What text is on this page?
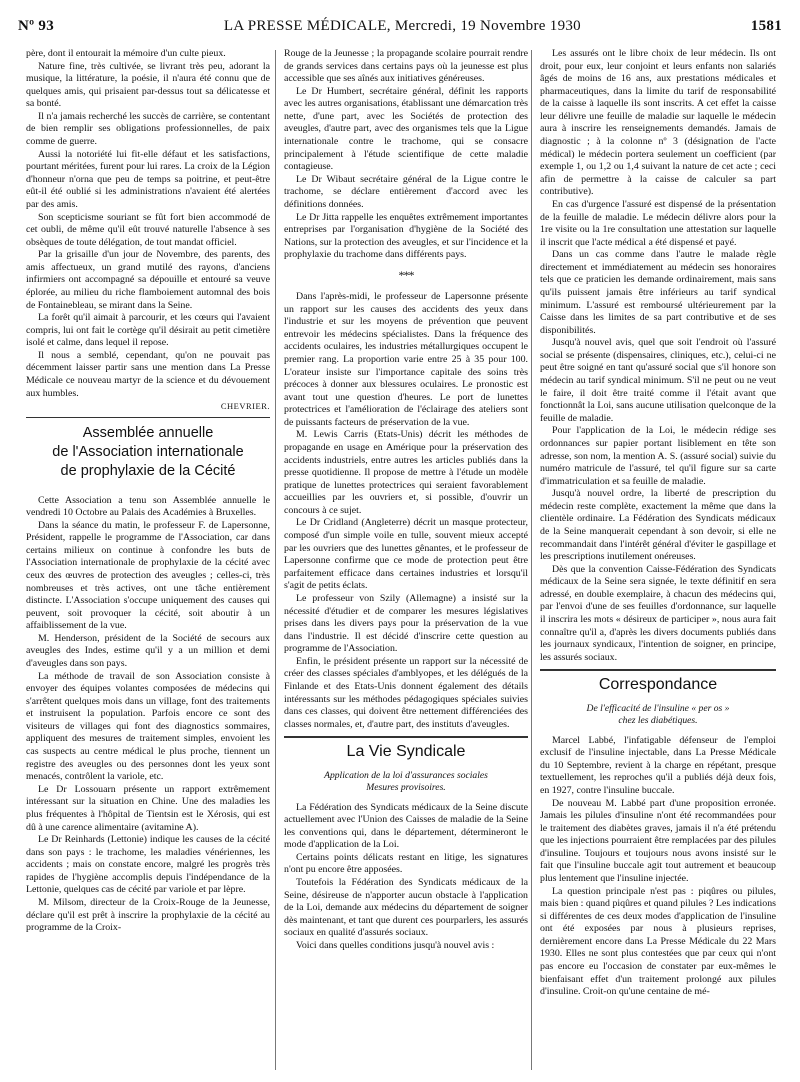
Nº 93	LA PRESSE MÉDICALE, Mercredi, 19 Novembre 1930	1581

père, dont il entourait la mémoire d'un culte pieux.

Nature fine, très cultivée, se livrant très peu, adorant la musique, la littérature, la poésie, il n'aura été connu que de quelques amis, qui prisaient par-dessus tout sa délicatesse et sa bonté.

Il n'a jamais recherché les succès de carrière, se contentant de bien remplir ses obligations professionnelles, de paix comme de guerre.

Aussi la notoriété lui fit-elle défaut et les satisfactions, pourtant méritées, furent pour lui rares. La croix de la Légion d'honneur n'orna que peu de temps sa poitrine, et peut-être eût-il été oublié si les administrations n'avaient été alertées par des amis.

Son scepticisme souriant se fût fort bien accommodé de cet oubli, de même qu'il eût trouvé naturelle l'absence à ses obsèques de toute délégation, de tout mandat officiel.

Par la grisaille d'un jour de Novembre, des parents, des amis affectueux, un grand mutilé des rayons, d'anciens infirmiers ont accompagné sa dépouille et entouré sa veuve éplorée, au milieu du riche flamboiement automnal des bois de Fontainebleau, se mirant dans la Seine.

La forêt qu'il aimait à parcourir, et les cœurs qui l'avaient compris, lui ont fait le cortège qu'il désirait au petit cimetière isolé et calme, dans lequel il repose.

Il nous a semblé, cependant, qu'on ne pouvait pas décemment laisser partir sans une mention dans La Presse Médicale ce nouveau martyr de la science et du dévouement aux humbles.

CHEVRIER.

Assemblée annuelle
de l'Association internationale
de prophylaxie de la Cécité

Cette Association a tenu son Assemblée annuelle le vendredi 10 Octobre au Palais des Académies à Bruxelles.

Dans la séance du matin, le professeur F. de Lapersonne, Président, rappelle le programme de l'Association, car dans certains milieux on continue à confondre les buts de l'Association internationale de prophylaxie de la cécité avec ceux des œuvres de protection des aveugles ; celles-ci, très nombreuses et très actives, ont une tâche entièrement distincte. L'Association s'occupe uniquement des causes qui peuvent, soit provoquer la cécité, soit aboutir à un affaiblissement de la vue.

M. Henderson, président de la Société de secours aux aveugles des Indes, estime qu'il y a un million et demi d'aveugles dans son pays.

La méthode de travail de son Association consiste à envoyer des équipes volantes composées de médecins qui s'arrêtent quelques mois dans un village, font des traitements et instruisent la population. Parfois encore ce sont des visiteurs de villages qui font des diagnostics sommaires, appliquent des mesures de traitement simples, envoient les cas suspects au centre médical le plus proche, tiennent un registre des aveugles ou des personnes dont les yeux sont menacés, contrôlent la variole, etc.

Le Dr Lossouarn présente un rapport extrêmement intéressant sur la situation en Chine. Une des maladies les plus fréquentes à l'hôpital de Tientsin est le Xérosis, qui est dû à une carence alimentaire (avitamine A).

Le Dr Reinhards (Lettonie) indique les causes de la cécité dans son pays : le trachome, les maladies vénériennes, les accidents ; mais on constate encore, malgré les progrès très rapides de l'hygiène accomplis depuis l'indépendance de la Lettonie, quelques cas de cécité par variole et par lèpre.

M. Milsom, directeur de la Croix-Rouge de la Jeunesse, déclare qu'il est prêt à inscrire la prophylaxie de la cécité au programme de la Croix-

Rouge de la Jeunesse ; la propagande scolaire pourrait rendre de grands services dans certains pays où la jeunesse est plus accessible que ses aînés aux initiatives généreuses.

Le Dr Humbert, secrétaire général, définit les rapports avec les autres organisations, établissant une démarcation très nette, d'une part, avec les Sociétés de protection des aveugles, d'autre part, avec des organismes tels que la Ligue internationale contre le trachome, qui se consacre principalement à l'étude scientifique de cette maladie contagieuse.

Le Dr Wibaut secrétaire général de la Ligue contre le trachome, se déclare entièrement d'accord avec les définitions données.

Le Dr Jitta rappelle les enquêtes extrêmement importantes entreprises par l'organisation d'hygiène de la Société des Nations, sur la protection des aveugles, et sur l'incidence et la prophylaxie du trachome dans différents pays.

***

Dans l'après-midi, le professeur de Lapersonne présente un rapport sur les causes des accidents des yeux dans l'industrie et sur les moyens de prévention que peuvent entrevoir les médecins spécialistes. Dans la fréquence des accidents oculaires, les industries métallurgiques occupent le premier rang. La proportion varie entre 25 à 35 pour 100. L'orateur insiste sur l'importance capitale des soins très précoces à donner aux blessures oculaires. Le pronostic est avant tout une question d'heures. Le port de lunettes protectrices et l'amélioration de l'éclairage des ateliers sont de puissants facteurs de préservation de la vue.

M. Lewis Carris (Etats-Unis) décrit les méthodes de propagande en usage en Amérique pour la préservation des accidents industriels, entre autres les articles publiés dans la presse quotidienne. Il propose de mettre à l'étude un modèle pratique de lunettes protectrices qui seraient favorablement accueillies par les ouvriers et, si possible, d'ouvrir un concours à ce sujet.

Le Dr Cridland (Angleterre) décrit un masque protecteur, composé d'un simple voile en tulle, souvent mieux accepté par les ouvriers que des lunettes gênantes, et le professeur de Lapersonne confirme que ce mode de protection peut être parfaitement efficace dans certaines industries et lorsqu'il s'agit de petits éclats.

Le professeur von Szily (Allemagne) a insisté sur la nécessité d'étudier et de comparer les mesures législatives prises dans les divers pays pour la préservation de la vue dans l'industrie. Il est décidé d'inscrire cette question au programme de l'Association.

Enfin, le président présente un rapport sur la nécessité de créer des classes spéciales d'amblyopes, et les délégués de la Finlande et des Etats-Unis donnent également des détails intéressants sur les méthodes pédagogiques spéciales suivies dans ces classes, qui doivent être nettement différenciées des classes normales, et, d'autre part, des instituts d'aveugles.

La Vie Syndicale
Application de la loi d'assurances sociales
Mesures provisoires.

La Fédération des Syndicats médicaux de la Seine discute actuellement avec l'Union des Caisses de maladie de la Seine les conventions qui, dans le département, détermineront le mode d'application de la Loi.

Certains points délicats restant en litige, les signatures n'ont pu encore être apposées.

Toutefois la Fédération des Syndicats médicaux de la Seine, désireuse de n'apporter aucun obstacle à l'application de la Loi, demande aux médecins du département de soigner dès maintenant, et tant que durent ces pourparlers, les assurés sociaux en qualité d'assurés sociaux.

Voici dans quelles conditions jusqu'à nouvel avis :

Les assurés ont le libre choix de leur médecin. Ils ont droit, pour eux, leur conjoint et leurs enfants non salariés âgés de moins de 16 ans, aux prestations médicales et pharmaceutiques, dans la limite du tarif de responsabilité de la caisse à laquelle ils sont inscrits. A cet effet la caisse leur délivre une feuille de maladie sur laquelle le médecin aura à inscrire les renseignements demandés. Jamais de diagnostic ; à la colonne nº 3 (désignation de l'acte médical) le médecin portera seulement un coefficient (par exemple 1, ou 1,2 ou 1,4 suivant la nature de cet acte ; ceci afin de permettre à la caisse de calculer sa part contributive).

En cas d'urgence l'assuré est dispensé de la présentation de la feuille de maladie. Le médecin délivre alors pour la 1re visite ou la 1re consultation une attestation sur laquelle il inscrit que l'acte médical a été dispensé et payé.

Dans un cas comme dans l'autre le malade règle directement et immédiatement au médecin ses honoraires tels que ce praticien les demande ordinairement, mais sans qu'ils puissent jamais être inférieurs au tarif syndical minimum. L'assuré est remboursé ultérieurement par la Caisse dans les limites de sa part contributive et de ses disponibilités.

Jusqu'à nouvel avis, quel que soit l'endroit où l'assuré social se présente (dispensaires, cliniques, etc.), celui-ci ne peut être soigné en tant qu'assuré social que s'il honore son médecin au tarif syndical minimum. S'il ne peut ou ne veut le faire, il doit être traité comme il l'était avant que fonctionnât la Loi, sans aucune utilisation quelconque de la feuille de maladie.

Pour l'application de la Loi, le médecin rédige ses ordonnances sur papier portant lisiblement en tête son adresse, son nom, la mention A. S. (assuré social) suivie du numéro matricule de l'assuré, tel qu'il figure sur sa carte d'immatriculation et sa feuille de maladie.

Jusqu'à nouvel ordre, la liberté de prescription du médecin reste complète, exactement la même que dans la clientèle ordinaire. La Fédération des Syndicats médicaux de la Seine manquerait cependant à son devoir, si elle ne recommandait dans l'intérêt général d'éviter le gaspillage et les prescriptions inutilement onéreuses.

Dès que la convention Caisse-Fédération des Syndicats médicaux de la Seine sera signée, le texte définitif en sera adressé, en double exemplaire, à chacun des médecins qui, par l'envoi d'une de ses feuilles d'ordonnance, sur laquelle il inscrira les mots « désireux de participer », nous aura fait connaître qu'il a, d'après les divers documents publiés dans les journaux syndicaux, l'intention de soigner, en principe, les assurés sociaux.

Correspondance
De l'efficacité de l'insuline « per os »
chez les diabétiques.

Marcel Labbé, l'infatigable défenseur de l'emploi exclusif de l'insuline injectable, dans La Presse Médicale du 10 Septembre, revient à la charge en répétant, presque textuellement, les reproches qu'il a publiés déjà deux fois, en 1927, contre l'insuline buccale.

De nouveau M. Labbé part d'une proposition erronée. Jamais les pilules d'insuline n'ont été recommandées pour le traitement des diabètes graves, jamais il n'a été prétendu que les injections pourraient être remplacées par des pilules d'insuline. Toujours et toujours nous avons insisté sur le fait que l'insuline buccale agit tout autrement et beaucoup plus lentement que l'insuline injectée.

La question principale n'est pas : piqûres ou pilules, mais bien : quand piqûres et quand pilules ? Les indications si différentes de ces deux modes d'application de l'insuline ont été exposées par nous à plusieurs reprises, dernièrement encore dans La Presse Médicale du 22 Mars 1930. Elles ne sont plus contestées que par ceux qui n'ont pas encore eu l'occasion de constater par eux-mêmes le bienfaisant effet d'un traitement prolongé aux pilules d'insuline. Croit-on qu'une centaine de mé-
